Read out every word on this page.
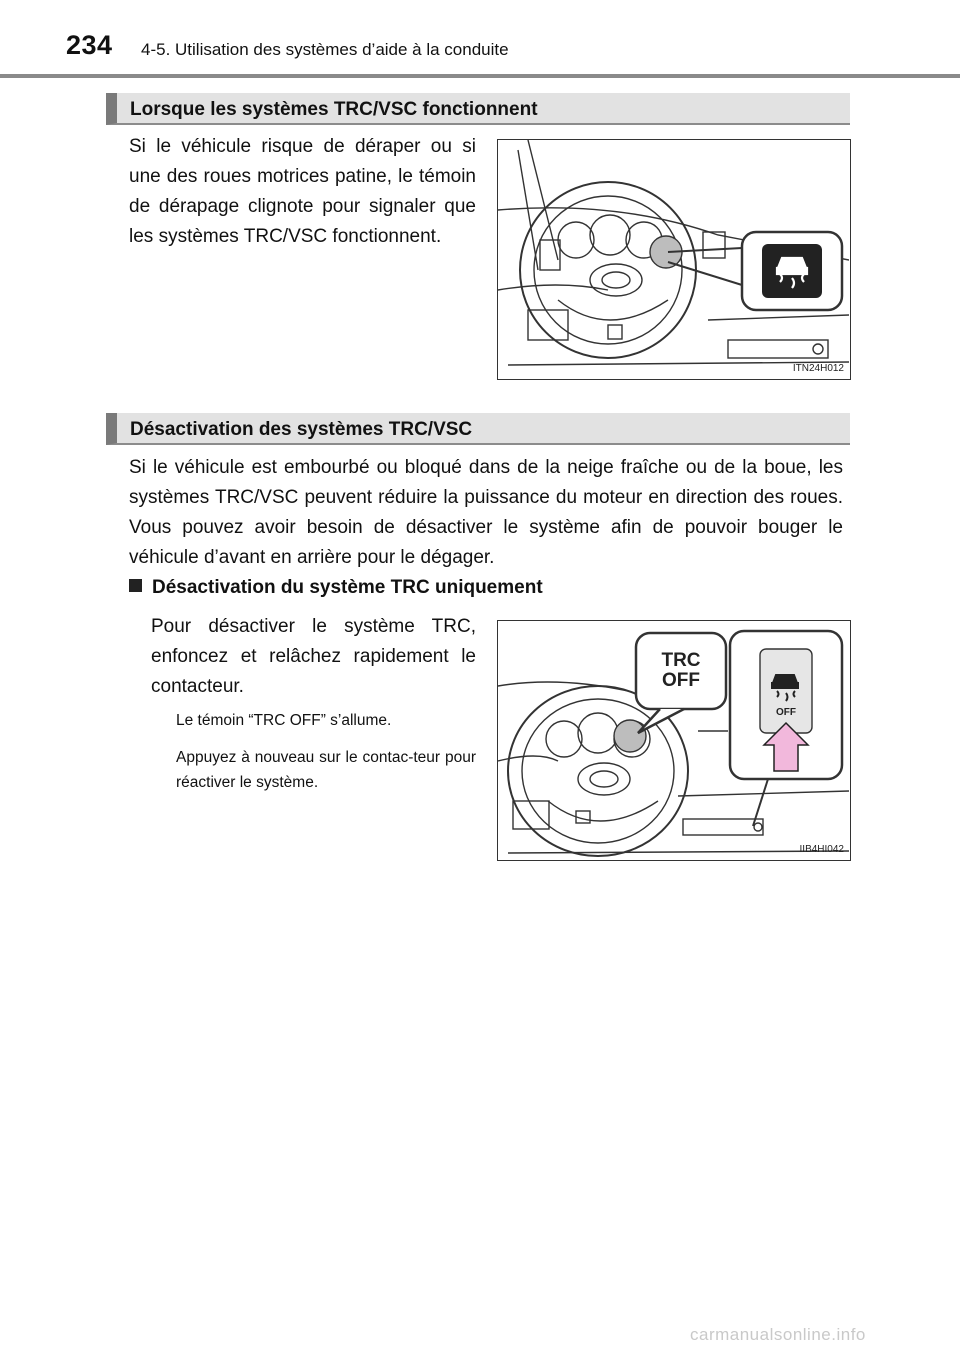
234 4-5. Utilisation des systèmes d’aide à la conduite
Lorsque les systèmes TRC/VSC fonctionnent
Si le véhicule risque de déraper ou si une des roues motrices patine, le témoin de dérapage clignote pour signaler que les systèmes TRC/VSC fonctionnent.
ITN24H012
Désactivation des systèmes TRC/VSC
Si le véhicule est embourbé ou bloqué dans de la neige fraîche ou de la boue, les systèmes TRC/VSC peuvent réduire la puissance du moteur en direction des roues. Vous pouvez avoir besoin de désactiver le système afin de pouvoir bouger le véhicule d’avant en arrière pour le dégager.
Désactivation du système TRC uniquement
Pour désactiver le système TRC, enfoncez et relâchez rapidement le contacteur.
Le témoin “TRC OFF” s’allume.
Appuyez à nouveau sur le contac-teur pour réactiver le système.
TRC
OFF
OFF
IIB4HI042
carmanualsonline.info
